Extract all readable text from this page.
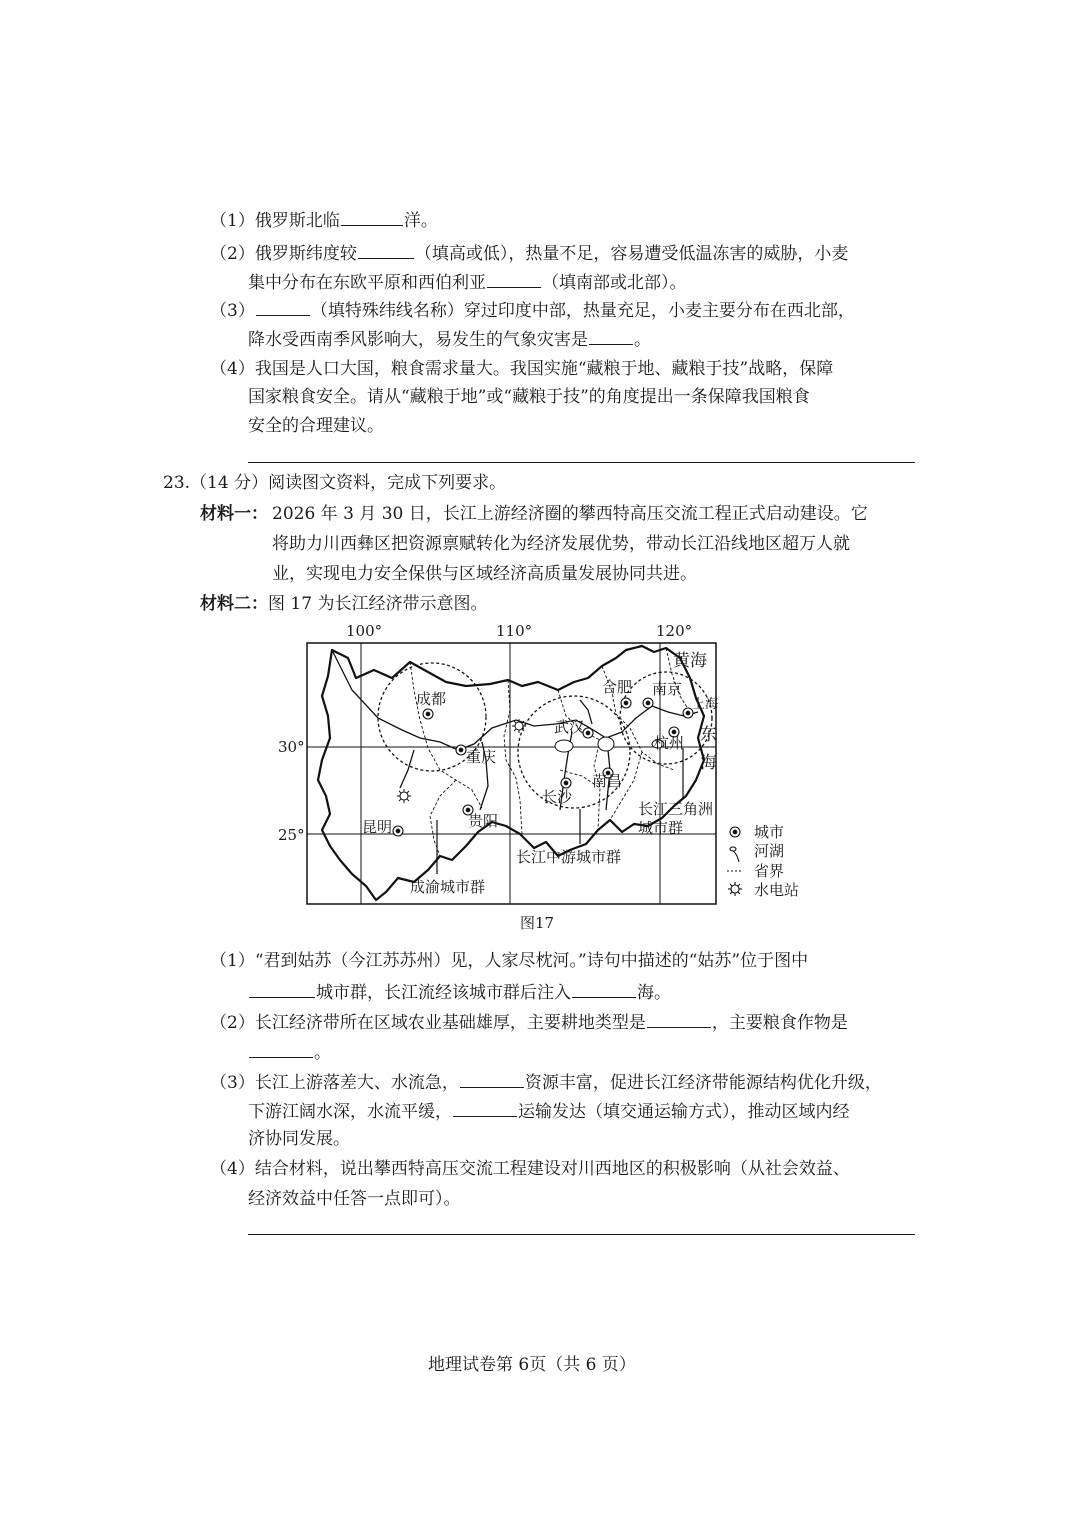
（1）俄罗斯北临	洋。
（2）俄罗斯纬度较	（填高或低），热量不足，容易遭受低温冻害的威胁，小麦
集中分布在东欧平原和西伯利亚	（填南部或北部）。
（3）	（填特殊纬线名称）穿过印度中部，热量充足，小麦主要分布在西北部，
降水受西南季风影响大，易发生的气象灾害是	。
（4）我国是人口大国，粮食需求量大。我国实施“藏粮于地、藏粮于技”战略，保障
国家粮食安全。请从“藏粮于地”或“藏粮于技”的角度提出一条保障我国粮食
安全的合理建议。
23.（14 分）阅读图文资料，完成下列要求。
材料一： 2026 年 3 月 30 日，长江上游经济圈的攀西特高压交流工程正式启动建设。它
将助力川西彝区把资源禀赋转化为经济发展优势，带动长江沿线地区超万人就
业，实现电力安全保供与区域经济高质量发展协同共进。
材料二：图 17 为长江经济带示意图。
100°	110°	120°
30°
25°
成都
重庆
武汉
长沙
南昌
合肥 南京
杭州
上海
贵阳
昆明
黄海
东
海
成渝城市群
长江中游城市群
长江三角洲
城市群	城市
河湖
省界
水电站
图17
（1）“君到姑苏（今江苏苏州）见，人家尽枕河。”诗句中描述的“姑苏”位于图中
城市群，长江流经该城市群后注入	海。
（2）长江经济带所在区域农业基础雄厚，主要耕地类型是	，主要粮食作物是
。
（3）长江上游落差大、水流急，	资源丰富，促进长江经济带能源结构优化升级，
下游江阔水深，水流平缓，	运输发达（填交通运输方式），推动区域内经
济协同发展。
（4）结合材料，说出攀西特高压交流工程建设对川西地区的积极影响（从社会效益、
经济效益中任答一点即可）。
地理试卷第 6页（共 6 页）
